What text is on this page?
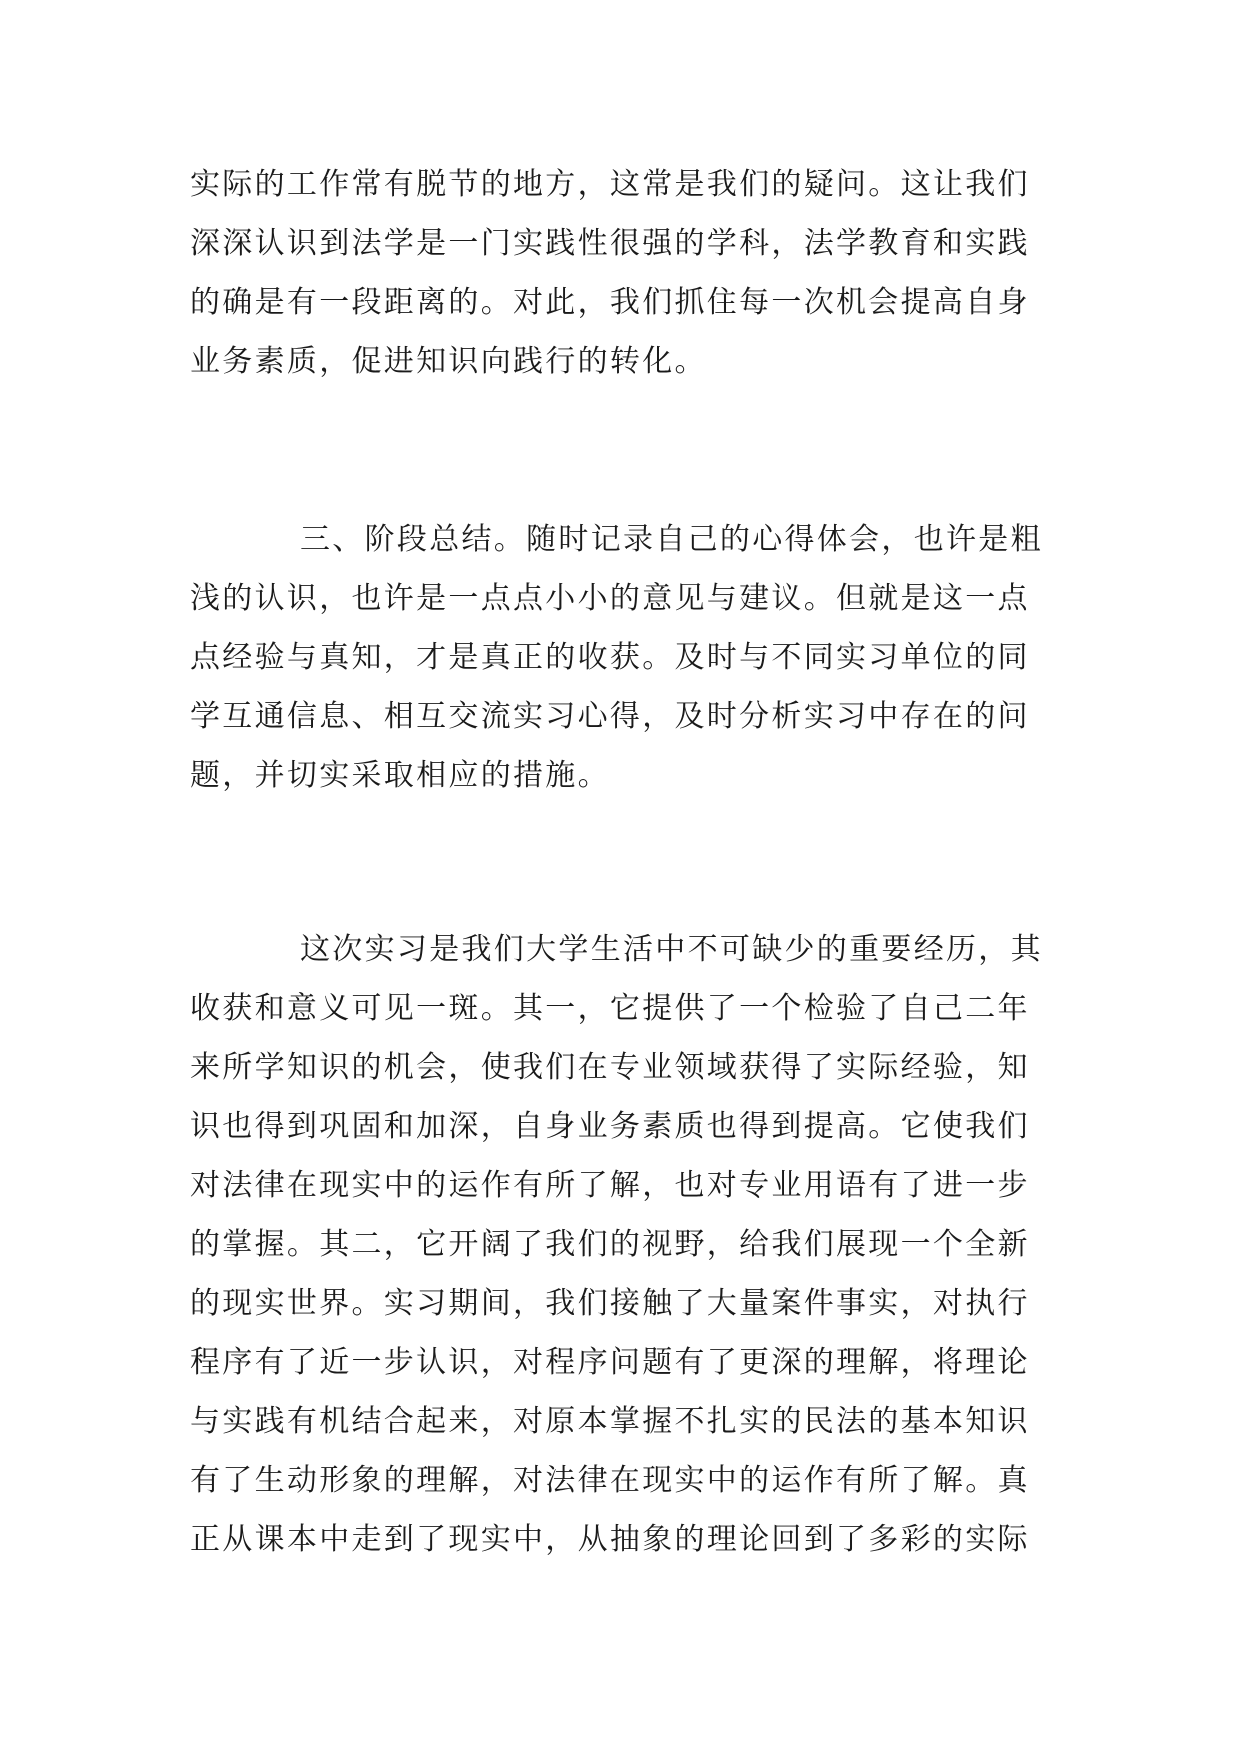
实际的工作常有脱节的地方，这常是我们的疑问。这让我们
深深认识到法学是一门实践性很强的学科，法学教育和实践
的确是有一段距离的。对此，我们抓住每一次机会提高自身
业务素质，促进知识向践行的转化。
三、阶段总结。随时记录自己的心得体会，也许是粗
浅的认识，也许是一点点小小的意见与建议。但就是这一点
点经验与真知，才是真正的收获。及时与不同实习单位的同
学互通信息、相互交流实习心得，及时分析实习中存在的问
题，并切实采取相应的措施。
这次实习是我们大学生活中不可缺少的重要经历，其
收获和意义可见一斑。其一，它提供了一个检验了自己二年
来所学知识的机会，使我们在专业领域获得了实际经验，知
识也得到巩固和加深，自身业务素质也得到提高。它使我们
对法律在现实中的运作有所了解，也对专业用语有了进一步
的掌握。其二，它开阔了我们的视野，给我们展现一个全新
的现实世界。实习期间，我们接触了大量案件事实，对执行
程序有了近一步认识，对程序问题有了更深的理解，将理论
与实践有机结合起来，对原本掌握不扎实的民法的基本知识
有了生动形象的理解，对法律在现实中的运作有所了解。真
正从课本中走到了现实中，从抽象的理论回到了多彩的实际
